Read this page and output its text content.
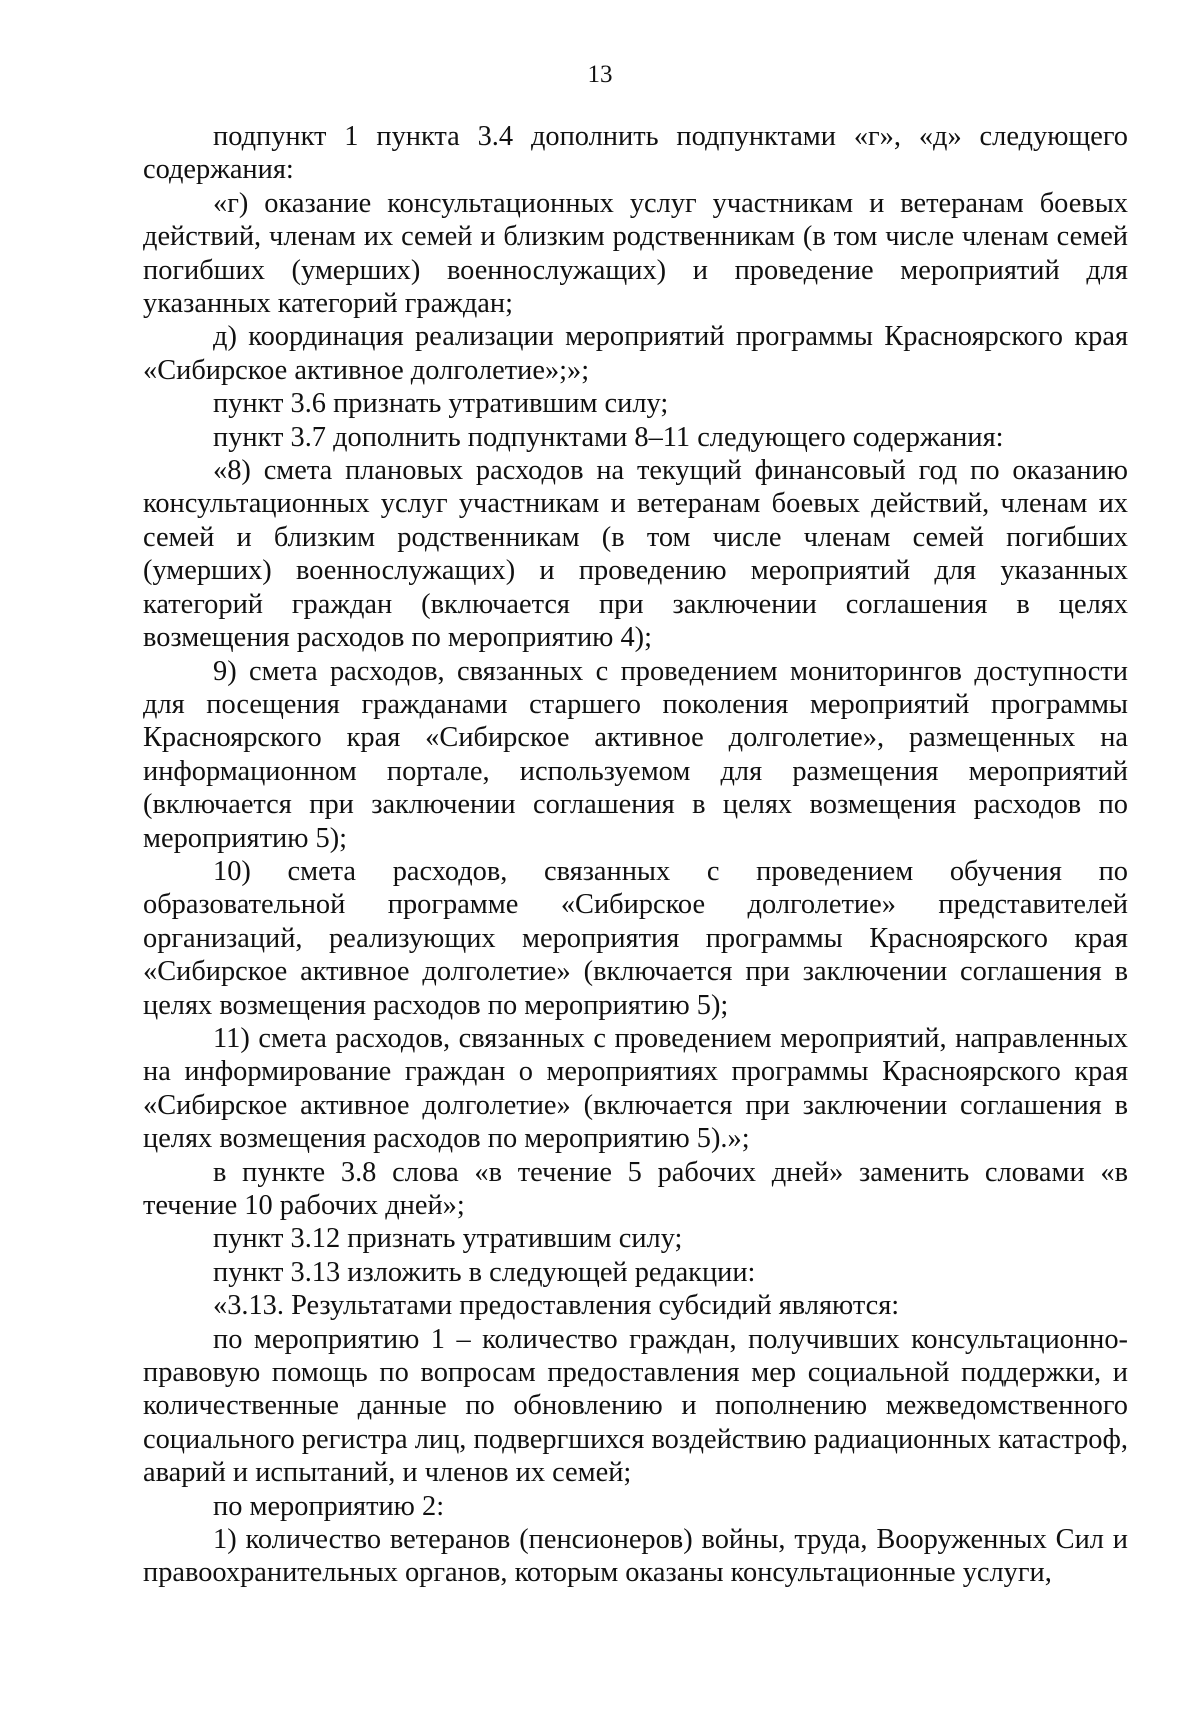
13

подпункт 1 пункта 3.4 дополнить подпунктами «г», «д» следующего содержания:

«г) оказание консультационных услуг участникам и ветеранам боевых действий, членам их семей и близким родственникам (в том числе членам семей погибших (умерших) военнослужащих) и проведение мероприятий для указанных категорий граждан;

д) координация реализации мероприятий программы Красноярского края «Сибирское активное долголетие»;»;

пункт 3.6 признать утратившим силу;

пункт 3.7 дополнить подпунктами 8–11 следующего содержания:

«8) смета плановых расходов на текущий финансовый год по оказанию консультационных услуг участникам и ветеранам боевых действий, членам их семей и близким родственникам (в том числе членам семей погибших (умерших) военнослужащих) и проведению мероприятий для указанных категорий граждан (включается при заключении соглашения в целях возмещения расходов по мероприятию 4);

9) смета расходов, связанных с проведением мониторингов доступности для посещения гражданами старшего поколения мероприятий программы Красноярского края «Сибирское активное долголетие», размещенных на информационном портале, используемом для размещения мероприятий (включается при заключении соглашения в целях возмещения расходов по мероприятию 5);

10) смета расходов, связанных с проведением обучения по образовательной программе «Сибирское долголетие» представителей организаций, реализующих мероприятия программы Красноярского края «Сибирское активное долголетие» (включается при заключении соглашения в целях возмещения расходов по мероприятию 5);

11) смета расходов, связанных с проведением мероприятий, направленных на информирование граждан о мероприятиях программы Красноярского края «Сибирское активное долголетие» (включается при заключении соглашения в целях возмещения расходов по мероприятию 5).»;

в пункте 3.8 слова «в течение 5 рабочих дней» заменить словами «в течение 10 рабочих дней»;

пункт 3.12 признать утратившим силу;

пункт 3.13 изложить в следующей редакции:

«3.13. Результатами предоставления субсидий являются:

по мероприятию 1 – количество граждан, получивших консультационно-правовую помощь по вопросам предоставления мер социальной поддержки, и количественные данные по обновлению и пополнению межведомственного социального регистра лиц, подвергшихся воздействию радиационных катастроф, аварий и испытаний, и членов их семей;

по мероприятию 2:

1) количество ветеранов (пенсионеров) войны, труда, Вооруженных Сил и правоохранительных органов, которым оказаны консультационные услуги,
